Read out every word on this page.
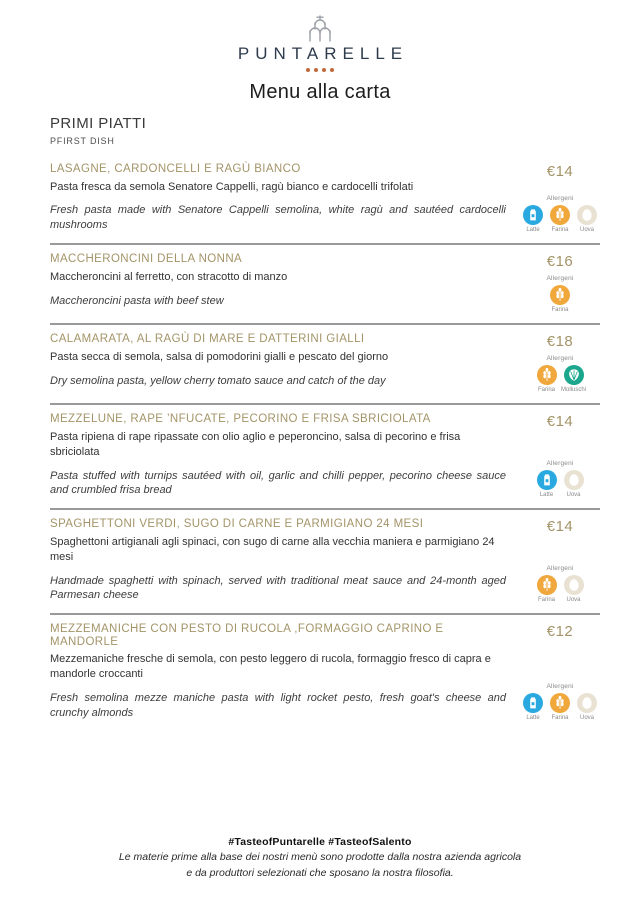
PUNTARELLE
Menu alla carta
PRIMI PIATTI
PFIRST DISH
LASAGNE, CARDONCELLI E RAGÙ BIANCO
Pasta fresca da semola Senatore Cappelli, ragù bianco e cardocelli trifolati
Fresh pasta made with Senatore Cappelli semolina, white ragù and sautéed cardocelli mushrooms
€14
Allergeni
Latte Farina Uova
MACCHERONCINI DELLA NONNA
Maccheroncini al ferretto, con stracotto di manzo
Maccheroncini pasta with beef stew
€16
Allergeni
Farina
CALAMARATA, AL RAGÙ DI MARE E DATTERINI GIALLI
Pasta secca di semola, salsa di pomodorini gialli e pescato del giorno
Dry semolina pasta, yellow cherry tomato sauce and catch of the day
€18
Allergeni
Farina Molluschi
MEZZELUNE, RAPE ’NFUCATE, PECORINO E FRISA SBRICIOLATA
Pasta ripiena di rape ripassate con olio aglio e peperoncino, salsa di pecorino e frisa sbriciolata
Pasta stuffed with turnips sautéed with oil, garlic and chilli pepper, pecorino cheese sauce and crumbled frisa bread
€14
Allergeni
Latte Uova
SPAGHETTONI VERDI, SUGO DI CARNE E PARMIGIANO 24 MESI
Spaghettoni artigianali agli spinaci, con sugo di carne alla vecchia maniera e parmigiano 24 mesi
Handmade spaghetti with spinach, served with traditional meat sauce and 24-month aged Parmesan cheese
€14
Allergeni
Farina Uova
MEZZEMANICHE CON PESTO DI RUCOLA ,FORMAGGIO CAPRINO E MANDORLE
Mezzemaniche fresche di semola, con pesto leggero di rucola, formaggio fresco di capra e mandorle croccanti
Fresh semolina mezze maniche pasta with light rocket pesto, fresh goat's cheese and crunchy almonds
€12
Allergeni
Latte Farina Uova
#TasteofPuntarelle #TasteofSalento
Le materie prime alla base dei nostri menù sono prodotte dalla nostra azienda agricola
e da produttori selezionati che sposano la nostra filosofia.
